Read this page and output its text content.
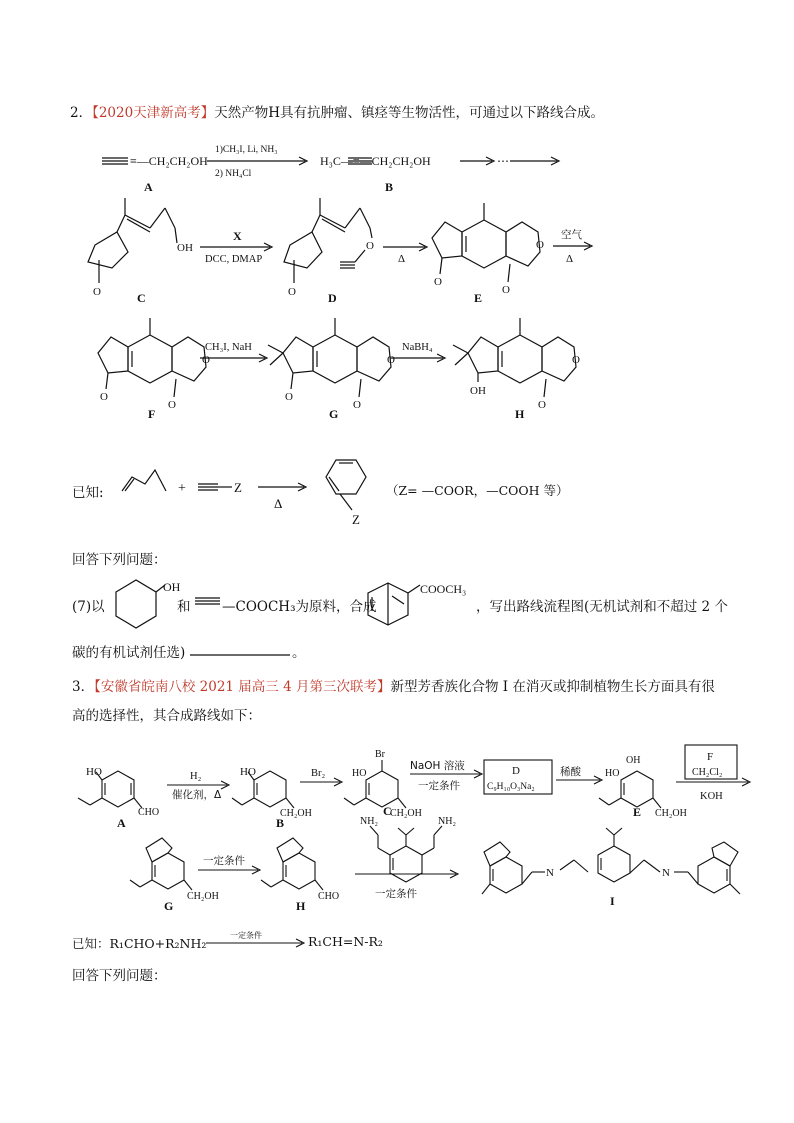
2．【2020天津新高考】天然产物H具有抗肿瘤、镇痉等生物活性，可通过以下路线合成。
≡—CH₂CH₂OH
1)CH₃I, Li, NH₃
2) NH₄Cl
H₃C—≡—CH₂CH₂OH	⋯
A	B
O
OH
X
DCC, DMAP
O
O
Δ
O
O
O
空气
Δ
C	D	E
O
O
O
CH₃I, NaH
O
O
O
NaBH₄
OH
O
O
F	G	H
+	Z
Δ
Z
OH	COOCH₃
已知:	（Z= —COOR，—COOH 等）
回答下列问题：
(7)以	和 —COOCH₃为原料，合成	，写出路线流程图(无机试剂和不超过 2 个
碳的有机试剂任选)	。
3．【安徽省皖南八校 2021 届高三 4 月第三次联考】新型芳香族化合物 I 在消灭或抑制植物生长方面具有很
高的选择性，其合成路线如下：
HO
CHO
A
H₂
催化剂，Δ
HO
CH₂OH
B
Br₂
Br
HO
CH₂OH
C
NaOH 溶液
一定条件
D
C₉H₁₀O₃Na₂
稀酸
OH
HO
CH₂OH
E
F
CH₂Cl₂
KOH
CH₂OH
G
一定条件
CHO
H
NH₂	NH₂
一定条件
N	N
I
一定条件
已知：R₁CHO+R₂NH₂	R₁CH=N-R₂
回答下列问题：
